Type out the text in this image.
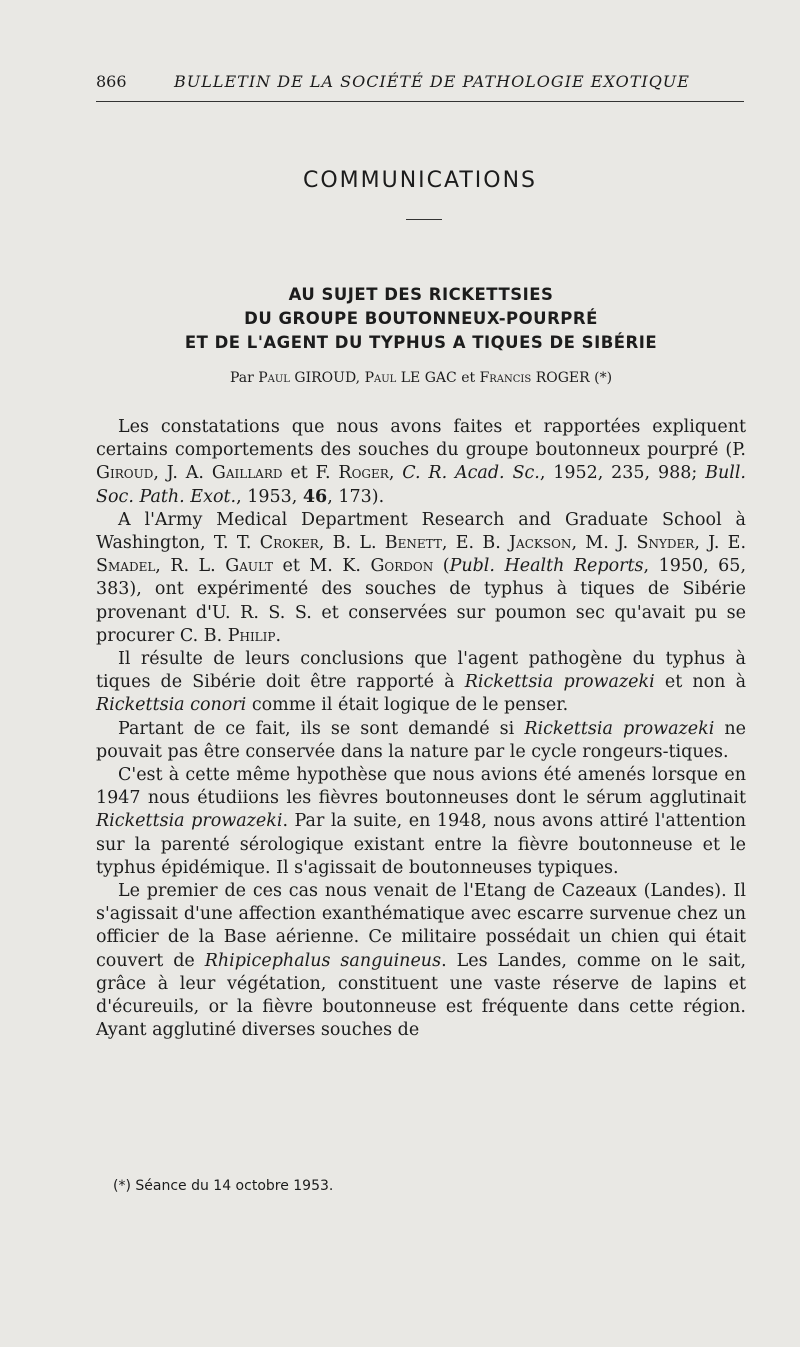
866	BULLETIN DE LA SOCIÉTÉ DE PATHOLOGIE EXOTIQUE
COMMUNICATIONS
AU SUJET DES RICKETTSIES
DU GROUPE BOUTONNEUX-POURPRÉ
ET DE L'AGENT DU TYPHUS A TIQUES DE SIBÉRIE
Par Paul GIROUD, Paul LE GAC et Francis ROGER (*)

Les constatations que nous avons faites et rapportées expliquent certains comportements des souches du groupe boutonneux pourpré (P. Giroud, J. A. Gaillard et F. Roger, C. R. Acad. Sc., 1952, 235, 988; Bull. Soc. Path. Exot., 1953, 46, 173).

A l'Army Medical Department Research and Graduate School à Washington, T. T. Croker, B. L. Benett, E. B. Jackson, M. J. Snyder, J. E. Smadel, R. L. Gault et M. K. Gordon (Publ. Health Reports, 1950, 65, 383), ont expérimenté des souches de typhus à tiques de Sibérie provenant d'U. R. S. S. et conservées sur poumon sec qu'avait pu se procurer C. B. Philip.

Il résulte de leurs conclusions que l'agent pathogène du typhus à tiques de Sibérie doit être rapporté à Rickettsia prowazeki et non à Rickettsia conori comme il était logique de le penser.

Partant de ce fait, ils se sont demandé si Rickettsia prowazeki ne pouvait pas être conservée dans la nature par le cycle rongeurs-tiques.

C'est à cette même hypothèse que nous avions été amenés lorsque en 1947 nous étudiions les fièvres boutonneuses dont le sérum agglutinait Rickettsia prowazeki. Par la suite, en 1948, nous avons attiré l'attention sur la parenté sérologique existant entre la fièvre boutonneuse et le typhus épidémique. Il s'agissait de boutonneuses typiques.

Le premier de ces cas nous venait de l'Etang de Cazeaux (Landes). Il s'agissait d'une affection exanthématique avec escarre survenue chez un officier de la Base aérienne. Ce militaire possédait un chien qui était couvert de Rhipicephalus sanguineus. Les Landes, comme on le sait, grâce à leur végétation, constituent une vaste réserve de lapins et d'écureuils, or la fièvre boutonneuse est fréquente dans cette région. Ayant agglutiné diverses souches de

(*) Séance du 14 octobre 1953.
